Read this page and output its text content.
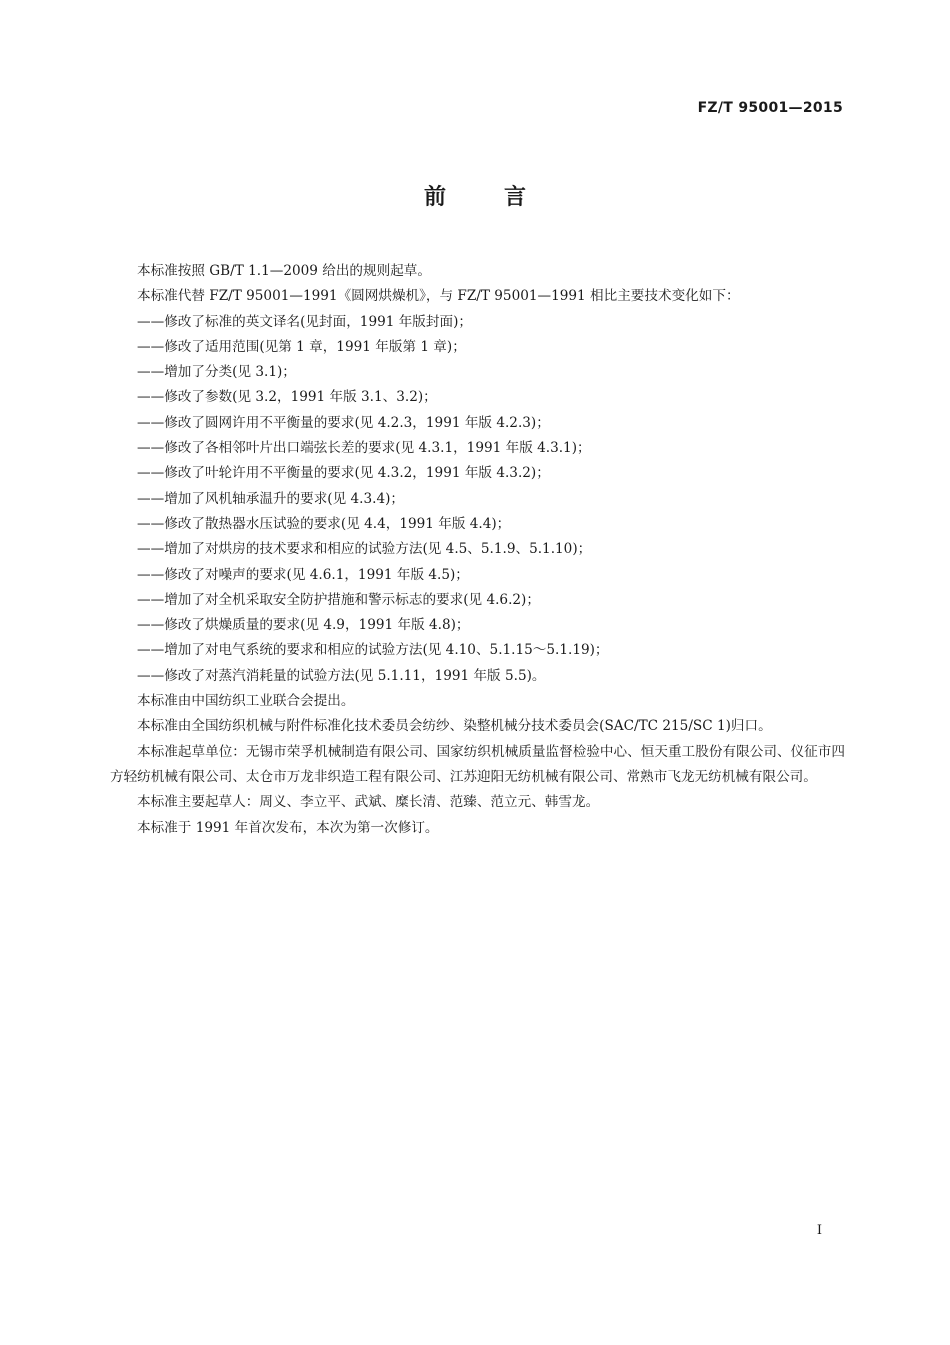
FZ/T 95001—2015
前言

本标准按照 GB/T 1.1—2009 给出的规则起草。

本标准代替 FZ/T 95001—1991《圆网烘燥机》，与 FZ/T 95001—1991 相比主要技术变化如下：

——修改了标准的英文译名(见封面，1991 年版封面)；

——修改了适用范围(见第 1 章，1991 年版第 1 章)；

——增加了分类(见 3.1)；

——修改了参数(见 3.2，1991 年版 3.1、3.2)；

——修改了圆网许用不平衡量的要求(见 4.2.3，1991 年版 4.2.3)；

——修改了各相邻叶片出口端弦长差的要求(见 4.3.1，1991 年版 4.3.1)；

——修改了叶轮许用不平衡量的要求(见 4.3.2，1991 年版 4.3.2)；

——增加了风机轴承温升的要求(见 4.3.4)；

——修改了散热器水压试验的要求(见 4.4，1991 年版 4.4)；

——增加了对烘房的技术要求和相应的试验方法(见 4.5、5.1.9、5.1.10)；

——修改了对噪声的要求(见 4.6.1，1991 年版 4.5)；

——增加了对全机采取安全防护措施和警示标志的要求(见 4.6.2)；

——修改了烘燥质量的要求(见 4.9，1991 年版 4.8)；

——增加了对电气系统的要求和相应的试验方法(见 4.10、5.1.15～5.1.19)；

——修改了对蒸汽消耗量的试验方法(见 5.1.11，1991 年版 5.5)。

本标准由中国纺织工业联合会提出。

本标准由全国纺织机械与附件标准化技术委员会纺纱、染整机械分技术委员会(SAC/TC 215/SC 1)归口。

本标准起草单位：无锡市荣孚机械制造有限公司、国家纺织机械质量监督检验中心、恒天重工股份有限公司、仪征市四方轻纺机械有限公司、太仓市万龙非织造工程有限公司、江苏迎阳无纺机械有限公司、常熟市飞龙无纺机械有限公司。

本标准主要起草人：周义、李立平、武斌、糜长清、范臻、范立元、韩雪龙。

本标准于 1991 年首次发布，本次为第一次修订。

I
